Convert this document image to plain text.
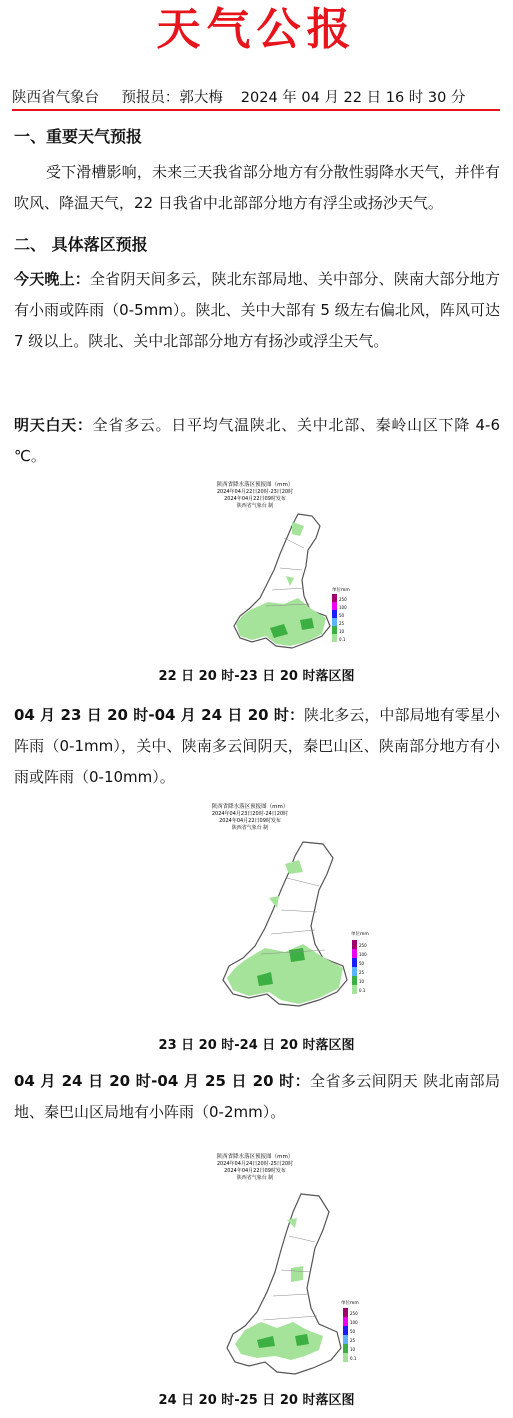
天气公报
陕西省气象台 预报员：郭大梅 2024 年 04 月 22 日 16 时 30 分
一、重要天气预报
受下滑槽影响，未来三天我省部分地方有分散性弱降水天气，并伴有吹风、降温天气，22 日我省中北部部分地方有浮尘或扬沙天气。
二、 具体落区预报
今天晚上：全省阴天间多云，陕北东部局地、关中部分、陕南大部分地方有小雨或阵雨（0-5mm）。陕北、关中大部有 5 级左右偏北风，阵风可达 7 级以上。陕北、关中北部部分地方有扬沙或浮尘天气。
明天白天：全省多云。日平均气温陕北、关中北部、秦岭山区下降 4-6 ℃。
陕西省降水落区预报图（mm）
2024年04月22日20时-23日20时
2024年04月22日09时发布
陕西省气象台 制
单位mm
250
100
50
25
10
0.1
22 日 20 时-23 日 20 时落区图
04 月 23 日 20 时-04 月 24 日 20 时：陕北多云，中部局地有零星小阵雨（0-1mm），关中、陕南多云间阴天，秦巴山区、陕南部分地方有小雨或阵雨（0-10mm）。
陕西省降水落区预报图（mm）
2024年04月23日20时-24日20时
2024年04月22日09时发布
陕西省气象台 制
单位mm
250
100
50
25
10
0.1
23 日 20 时-24 日 20 时落区图
04 月 24 日 20 时-04 月 25 日 20 时：全省多云间阴天 陕北南部局地、秦巴山区局地有小阵雨（0-2mm）。
陕西省降水落区预报图（mm）
2024年04月24日20时-25日20时
2024年04月22日09时发布
陕西省气象台 制
单位mm
250
100
50
25
10
0.1
24 日 20 时-25 日 20 时落区图
